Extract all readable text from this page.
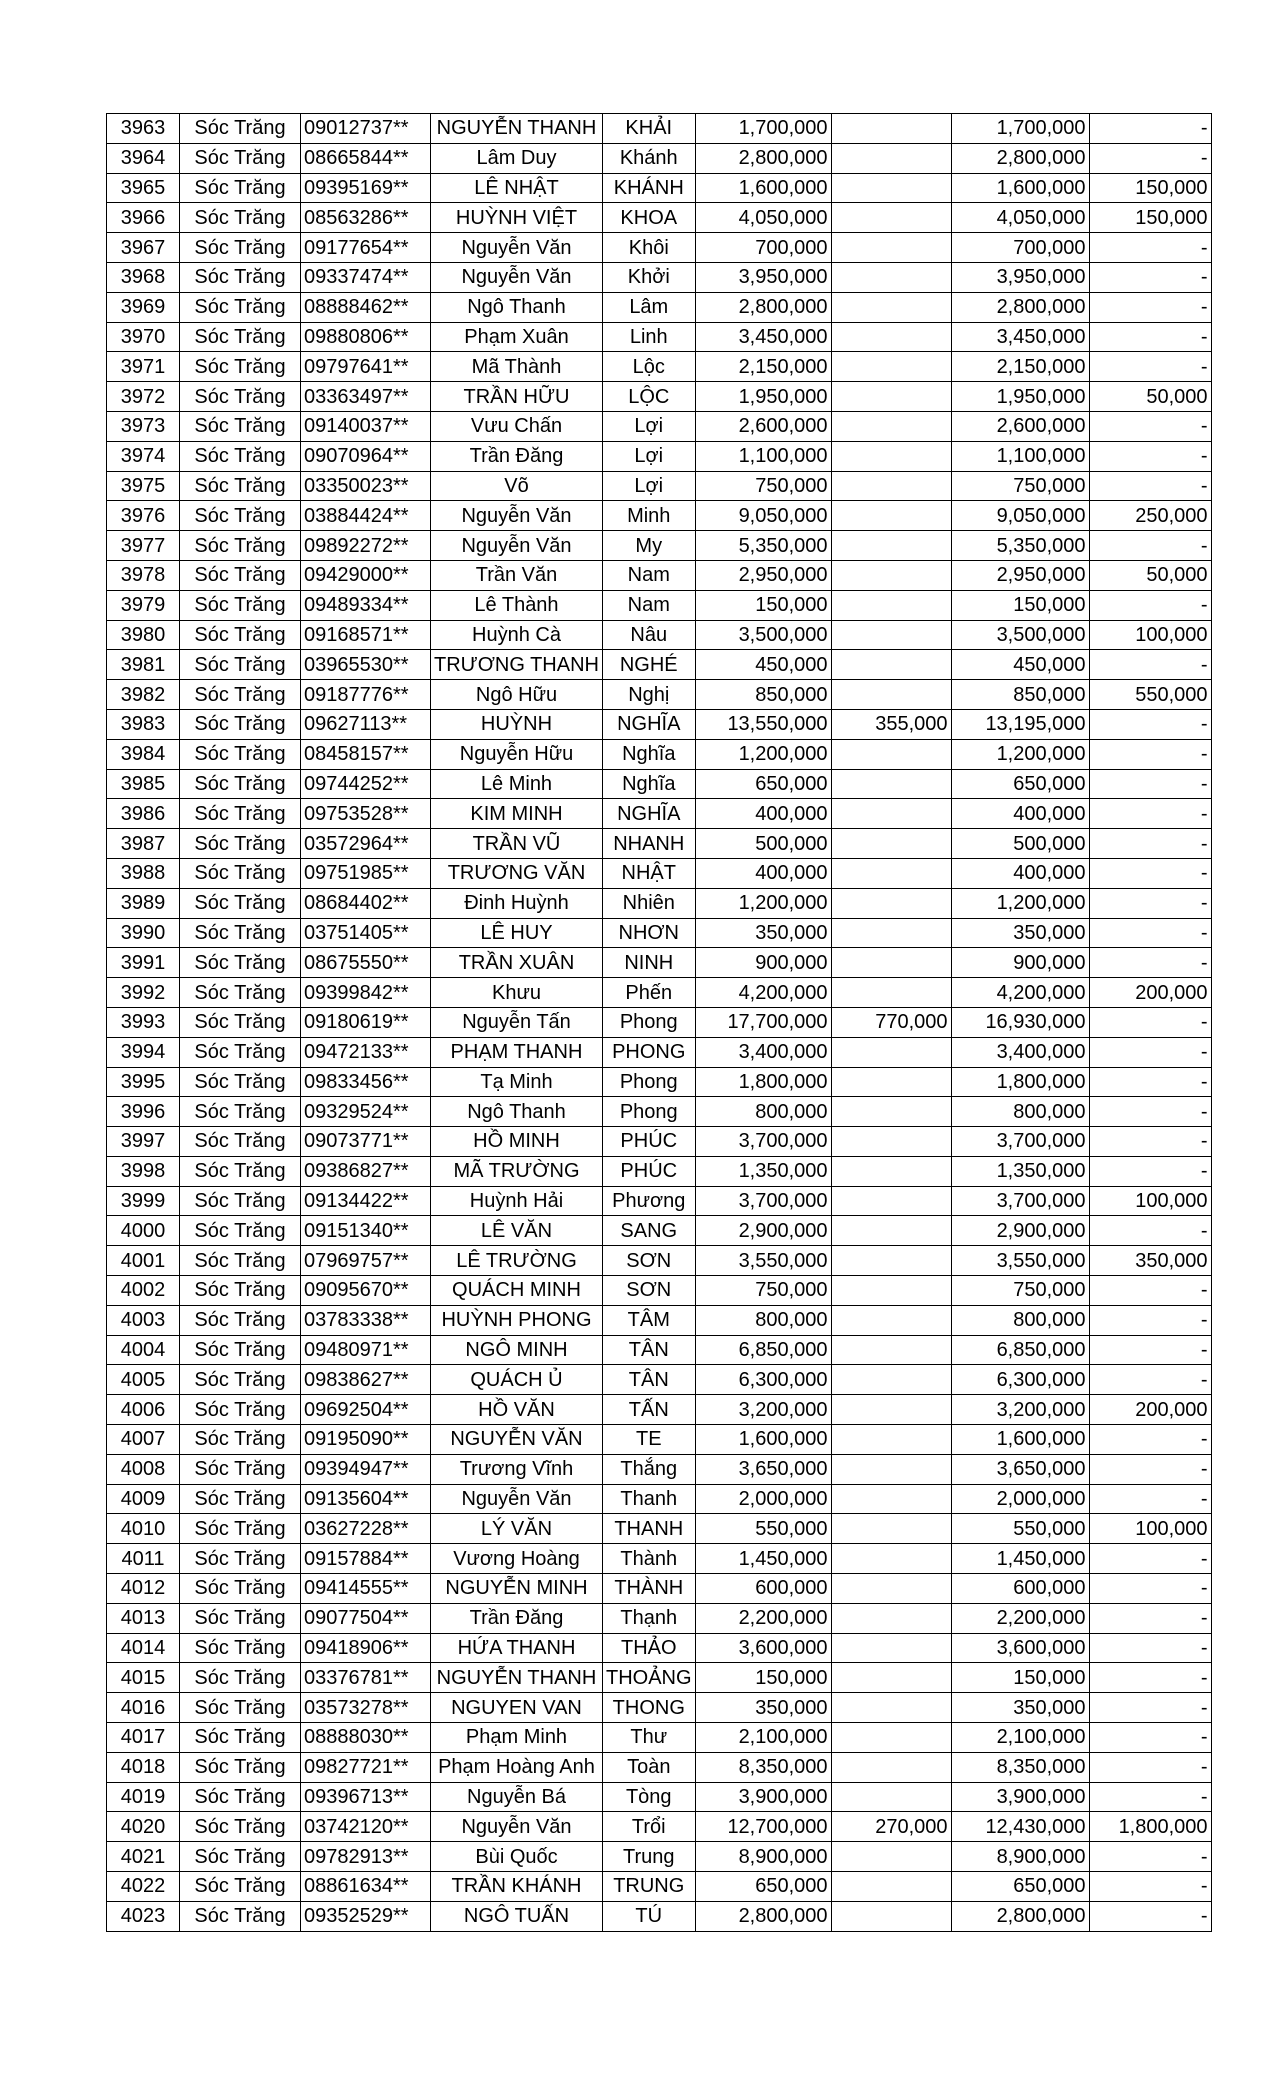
3963	Sóc Trăng	09012737**	NGUYỄN THANH	KHẢI	1,700,000		1,700,000	-
3964	Sóc Trăng	08665844**	Lâm Duy	Khánh	2,800,000		2,800,000	-
3965	Sóc Trăng	09395169**	LÊ NHẬT	KHÁNH	1,600,000		1,600,000	150,000
3966	Sóc Trăng	08563286**	HUỲNH VIỆT	KHOA	4,050,000		4,050,000	150,000
3967	Sóc Trăng	09177654**	Nguyễn Văn	Khôi	700,000		700,000	-
3968	Sóc Trăng	09337474**	Nguyễn Văn	Khởi	3,950,000		3,950,000	-
3969	Sóc Trăng	08888462**	Ngô Thanh	Lâm	2,800,000		2,800,000	-
3970	Sóc Trăng	09880806**	Phạm Xuân	Linh	3,450,000		3,450,000	-
3971	Sóc Trăng	09797641**	Mã Thành	Lộc	2,150,000		2,150,000	-
3972	Sóc Trăng	03363497**	TRẦN HỮU	LỘC	1,950,000		1,950,000	50,000
3973	Sóc Trăng	09140037**	Vưu Chấn	Lợi	2,600,000		2,600,000	-
3974	Sóc Trăng	09070964**	Trần Đăng	Lợi	1,100,000		1,100,000	-
3975	Sóc Trăng	03350023**	Võ	Lợi	750,000		750,000	-
3976	Sóc Trăng	03884424**	Nguyễn Văn	Minh	9,050,000		9,050,000	250,000
3977	Sóc Trăng	09892272**	Nguyễn Văn	My	5,350,000		5,350,000	-
3978	Sóc Trăng	09429000**	Trần Văn	Nam	2,950,000		2,950,000	50,000
3979	Sóc Trăng	09489334**	Lê Thành	Nam	150,000		150,000	-
3980	Sóc Trăng	09168571**	Huỳnh Cà	Nâu	3,500,000		3,500,000	100,000
3981	Sóc Trăng	03965530**	TRƯƠNG THANH	NGHÉ	450,000		450,000	-
3982	Sóc Trăng	09187776**	Ngô Hữu	Nghị	850,000		850,000	550,000
3983	Sóc Trăng	09627113**	HUỲNH	NGHĨA	13,550,000	355,000	13,195,000	-
3984	Sóc Trăng	08458157**	Nguyễn Hữu	Nghĩa	1,200,000		1,200,000	-
3985	Sóc Trăng	09744252**	Lê Minh	Nghĩa	650,000		650,000	-
3986	Sóc Trăng	09753528**	KIM MINH	NGHĨA	400,000		400,000	-
3987	Sóc Trăng	03572964**	TRẦN VŨ	NHANH	500,000		500,000	-
3988	Sóc Trăng	09751985**	TRƯƠNG VĂN	NHẬT	400,000		400,000	-
3989	Sóc Trăng	08684402**	Đinh Huỳnh	Nhiên	1,200,000		1,200,000	-
3990	Sóc Trăng	03751405**	LÊ HUY	NHƠN	350,000		350,000	-
3991	Sóc Trăng	08675550**	TRẦN XUÂN	NINH	900,000		900,000	-
3992	Sóc Trăng	09399842**	Khưu	Phến	4,200,000		4,200,000	200,000
3993	Sóc Trăng	09180619**	Nguyễn Tấn	Phong	17,700,000	770,000	16,930,000	-
3994	Sóc Trăng	09472133**	PHẠM THANH	PHONG	3,400,000		3,400,000	-
3995	Sóc Trăng	09833456**	Tạ Minh	Phong	1,800,000		1,800,000	-
3996	Sóc Trăng	09329524**	Ngô Thanh	Phong	800,000		800,000	-
3997	Sóc Trăng	09073771**	HỒ MINH	PHÚC	3,700,000		3,700,000	-
3998	Sóc Trăng	09386827**	MÃ TRƯỜNG	PHÚC	1,350,000		1,350,000	-
3999	Sóc Trăng	09134422**	Huỳnh Hải	Phương	3,700,000		3,700,000	100,000
4000	Sóc Trăng	09151340**	LÊ VĂN	SANG	2,900,000		2,900,000	-
4001	Sóc Trăng	07969757**	LÊ TRƯỜNG	SƠN	3,550,000		3,550,000	350,000
4002	Sóc Trăng	09095670**	QUÁCH MINH	SƠN	750,000		750,000	-
4003	Sóc Trăng	03783338**	HUỲNH PHONG	TÂM	800,000		800,000	-
4004	Sóc Trăng	09480971**	NGÔ MINH	TÂN	6,850,000		6,850,000	-
4005	Sóc Trăng	09838627**	QUÁCH Ủ	TÂN	6,300,000		6,300,000	-
4006	Sóc Trăng	09692504**	HỒ VĂN	TẤN	3,200,000		3,200,000	200,000
4007	Sóc Trăng	09195090**	NGUYỄN VĂN	TE	1,600,000		1,600,000	-
4008	Sóc Trăng	09394947**	Trương Vĩnh	Thắng	3,650,000		3,650,000	-
4009	Sóc Trăng	09135604**	Nguyễn Văn	Thanh	2,000,000		2,000,000	-
4010	Sóc Trăng	03627228**	LÝ VĂN	THANH	550,000		550,000	100,000
4011	Sóc Trăng	09157884**	Vương Hoàng	Thành	1,450,000		1,450,000	-
4012	Sóc Trăng	09414555**	NGUYỄN MINH	THÀNH	600,000		600,000	-
4013	Sóc Trăng	09077504**	Trần Đăng	Thạnh	2,200,000		2,200,000	-
4014	Sóc Trăng	09418906**	HỨA THANH	THẢO	3,600,000		3,600,000	-
4015	Sóc Trăng	03376781**	NGUYỄN THANH	THOẢNG	150,000		150,000	-
4016	Sóc Trăng	03573278**	NGUYEN VAN	THONG	350,000		350,000	-
4017	Sóc Trăng	08888030**	Phạm Minh	Thư	2,100,000		2,100,000	-
4018	Sóc Trăng	09827721**	Phạm Hoàng Anh	Toàn	8,350,000		8,350,000	-
4019	Sóc Trăng	09396713**	Nguyễn Bá	Tòng	3,900,000		3,900,000	-
4020	Sóc Trăng	03742120**	Nguyễn Văn	Trổi	12,700,000	270,000	12,430,000	1,800,000
4021	Sóc Trăng	09782913**	Bùi Quốc	Trung	8,900,000		8,900,000	-
4022	Sóc Trăng	08861634**	TRẦN KHÁNH	TRUNG	650,000		650,000	-
4023	Sóc Trăng	09352529**	NGÔ TUẤN	TÚ	2,800,000		2,800,000	-
